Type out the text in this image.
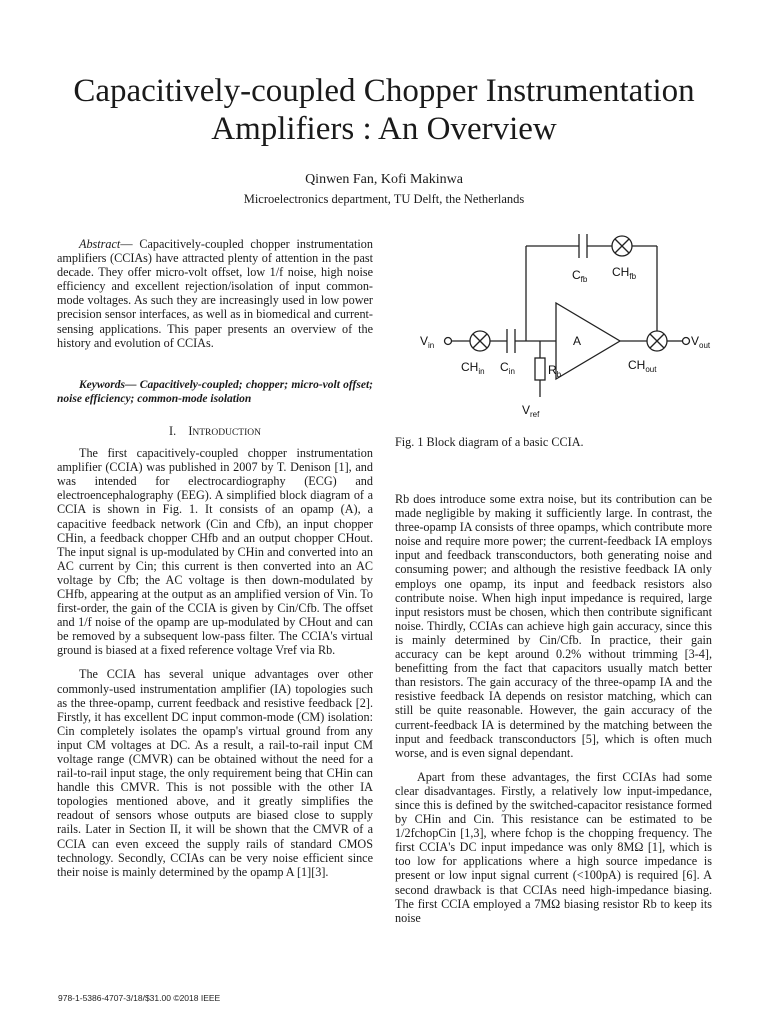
Capacitively-coupled Chopper Instrumentation
Amplifiers : An Overview
Qinwen Fan, Kofi Makinwa
Microelectronics department, TU Delft, the Netherlands

Abstract— Capacitively-coupled chopper instrumentation amplifiers (CCIAs) have attracted plenty of attention in the past decade. They offer micro-volt offset, low 1/f noise, high noise efficiency and excellent rejection/isolation of input common-mode voltages. As such they are increasingly used in low power precision sensor interfaces, as well as in biomedical and current-sensing applications. This paper presents an overview of the history and evolution of CCIAs.

Keywords— Capacitively-coupled; chopper; micro-volt offset; noise efficiency; common-mode isolation

I. INTRODUCTION

The first capacitively-coupled chopper instrumentation amplifier (CCIA) was published in 2007 by T. Denison [1], and was intended for electrocardiography (ECG) and electroencephalography (EEG). A simplified block diagram of a CCIA is shown in Fig. 1. It consists of an opamp (A), a capacitive feedback network (Cin and Cfb), an input chopper CHin, a feedback chopper CHfb and an output chopper CHout. The input signal is up-modulated by CHin and converted into an AC current by Cin; this current is then converted into an AC voltage by Cfb; the AC voltage is then down-modulated by CHfb, appearing at the output as an amplified version of Vin. To first-order, the gain of the CCIA is given by Cin/Cfb. The offset and 1/f noise of the opamp are up-modulated by CHout and can be removed by a subsequent low-pass filter. The CCIA's virtual ground is biased at a fixed reference voltage Vref via Rb.

The CCIA has several unique advantages over other commonly-used instrumentation amplifier (IA) topologies such as the three-opamp, current feedback and resistive feedback [2]. Firstly, it has excellent DC input common-mode (CM) isolation: Cin completely isolates the opamp's virtual ground from any input CM voltages at DC. As a result, a rail-to-rail input CM voltage range (CMVR) can be obtained without the need for a rail-to-rail input stage, the only requirement being that CHin can handle this CMVR. This is not possible with the other IA topologies mentioned above, and it greatly simplifies the readout of sensors whose outputs are biased close to supply rails. Later in Section II, it will be shown that the CMVR of a CCIA can even exceed the supply rails of standard CMOS technology. Secondly, CCIAs can be very noise efficient since their noise is mainly determined by the opamp A [1][3].

$V_{in}$	$V_{out}$
$CH_{in}$ $C_{in}$	$R_b$
$V_{ref}$
A
$CH_{out}$
$C_{fb}$
$CH_{fb}$
Fig. 1 Block diagram of a basic CCIA.

Rb does introduce some extra noise, but its contribution can be made negligible by making it sufficiently large. In contrast, the three-opamp IA consists of three opamps, which contribute more noise and require more power; the current-feedback IA employs input and feedback transconductors, both generating noise and consuming power; and although the resistive feedback IA only employs one opamp, its input and feedback resistors also contribute noise. When high input impedance is required, large input resistors must be chosen, which then contribute significant noise. Thirdly, CCIAs can achieve high gain accuracy, since this is mainly determined by Cin/Cfb. In practice, their gain accuracy can be kept around 0.2% without trimming [3-4], benefitting from the fact that capacitors usually match better than resistors. The gain accuracy of the three-opamp IA and the resistive feedback IA depends on resistor matching, which can still be quite reasonable. However, the gain accuracy of the current-feedback IA is determined by the matching between the input and feedback transconductors [5], which is often much worse, and is even signal dependant.

Apart from these advantages, the first CCIAs had some clear disadvantages. Firstly, a relatively low input-impedance, since this is defined by the switched-capacitor resistance formed by CHin and Cin. This resistance can be estimated to be 1/2fchopCin [1,3], where fchop is the chopping frequency. The first CCIA's DC input impedance was only 8MΩ [1], which is too low for applications where a high source impedance is present or low input signal current (<100pA) is required [6]. A second drawback is that CCIAs need high-impedance biasing. The first CCIA employed a 7MΩ biasing resistor Rb to keep its noise

978-1-5386-4707-3/18/$31.00 ©2018 IEEE
